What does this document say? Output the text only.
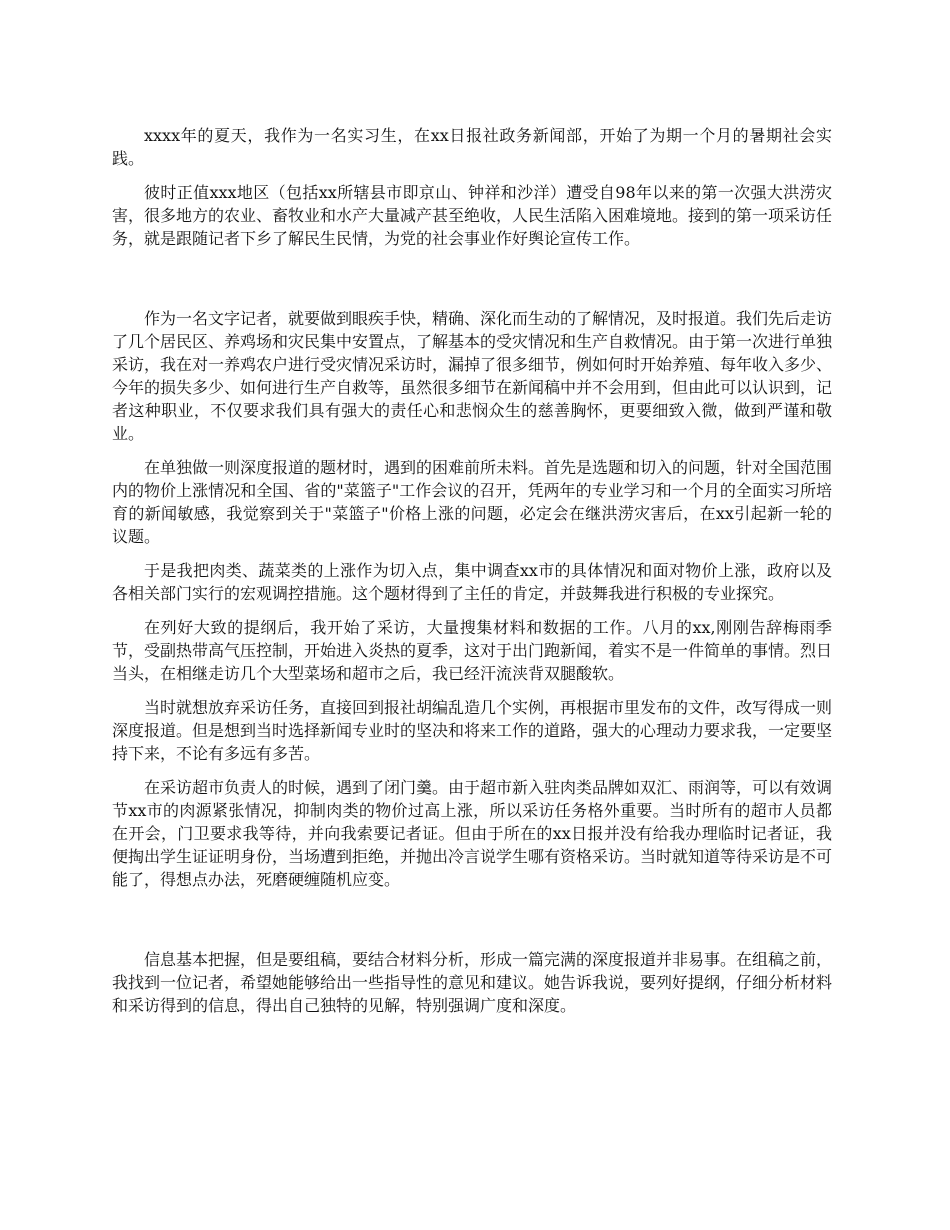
xxxx年的夏天，我作为一名实习生，在xx日报社政务新闻部，开始了为期一个月的暑期社会实践。

彼时正值xxx地区（包括xx所辖县市即京山、钟祥和沙洋）遭受自98年以来的第一次强大洪涝灾害，很多地方的农业、畜牧业和水产大量减产甚至绝收，人民生活陷入困难境地。接到的第一项采访任务，就是跟随记者下乡了解民生民情，为党的社会事业作好舆论宣传工作。

作为一名文字记者，就要做到眼疾手快，精确、深化而生动的了解情况，及时报道。我们先后走访了几个居民区、养鸡场和灾民集中安置点，了解基本的受灾情况和生产自救情况。由于第一次进行单独采访，我在对一养鸡农户进行受灾情况采访时，漏掉了很多细节，例如何时开始养殖、每年收入多少、今年的损失多少、如何进行生产自救等，虽然很多细节在新闻稿中并不会用到，但由此可以认识到，记者这种职业，不仅要求我们具有强大的责任心和悲悯众生的慈善胸怀，更要细致入微，做到严谨和敬业。

在单独做一则深度报道的题材时，遇到的困难前所未料。首先是选题和切入的问题，针对全国范围内的物价上涨情况和全国、省的"菜篮子"工作会议的召开，凭两年的专业学习和一个月的全面实习所培育的新闻敏感，我觉察到关于"菜篮子"价格上涨的问题，必定会在继洪涝灾害后，在xx引起新一轮的议题。

于是我把肉类、蔬菜类的上涨作为切入点，集中调查xx市的具体情况和面对物价上涨，政府以及各相关部门实行的宏观调控措施。这个题材得到了主任的肯定，并鼓舞我进行积极的专业探究。

在列好大致的提纲后，我开始了采访，大量搜集材料和数据的工作。八月的xx,刚刚告辞梅雨季节，受副热带高气压控制，开始进入炎热的夏季，这对于出门跑新闻，着实不是一件简单的事情。烈日当头，在相继走访几个大型菜场和超市之后，我已经汗流浃背双腿酸软。

当时就想放弃采访任务，直接回到报社胡编乱造几个实例，再根据市里发布的文件，改写得成一则深度报道。但是想到当时选择新闻专业时的坚决和将来工作的道路，强大的心理动力要求我，一定要坚持下来，不论有多远有多苦。

在采访超市负责人的时候，遇到了闭门羹。由于超市新入驻肉类品牌如双汇、雨润等，可以有效调节xx市的肉源紧张情况，抑制肉类的物价过高上涨，所以采访任务格外重要。当时所有的超市人员都在开会，门卫要求我等待，并向我索要记者证。但由于所在的xx日报并没有给我办理临时记者证，我便掏出学生证证明身份，当场遭到拒绝，并抛出冷言说学生哪有资格采访。当时就知道等待采访是不可能了，得想点办法，死磨硬缠随机应变。

信息基本把握，但是要组稿，要结合材料分析，形成一篇完满的深度报道并非易事。在组稿之前，我找到一位记者，希望她能够给出一些指导性的意见和建议。她告诉我说，要列好提纲，仔细分析材料和采访得到的信息，得出自己独特的见解，特别强调广度和深度。
